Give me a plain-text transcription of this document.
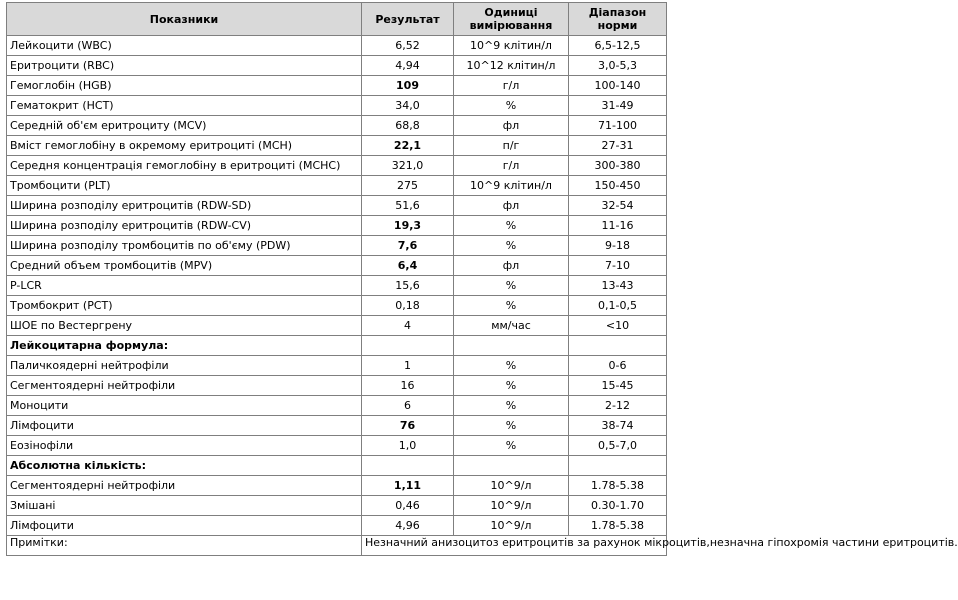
Показники	Результат	Одиниці вимірювання	Діапазон норми
Лейкоцити (WBC)	6,52	10^9 клітин/л	6,5-12,5
Еритроцити (RBC)	4,94	10^12 клітин/л	3,0-5,3
Гемоглобін (HGB)	109	г/л	100-140
Гематокрит (HCT)	34,0	%	31-49
Середній об'єм еритроциту (MCV)	68,8	фл	71-100
Вміст гемоглобіну в окремому еритроциті (MCH)	22,1	п/г	27-31
Середня концентрація гемоглобіну в еритроциті (MCHC)	321,0	г/л	300-380
Тромбоцити (PLT)	275	10^9 клітин/л	150-450
Ширина розподілу еритроцитів (RDW-SD)	51,6	фл	32-54
Ширина розподілу еритроцитів (RDW-CV)	19,3	%	11-16
Ширина розподілу тромбоцитів по об'єму (PDW)	7,6	%	9-18
Средний объем тромбоцитів (MPV)	6,4	фл	7-10
P-LCR	15,6	%	13-43
Тромбокрит (PCT)	0,18	%	0,1-0,5
ШОЕ по Вестергрену	4	мм/час	<10
Лейкоцитарна формула:			
Паличкоядерні нейтрофіли	1	%	0-6
Сегментоядерні нейтрофіли	16	%	15-45
Моноцити	6	%	2-12
Лімфоцити	76	%	38-74
Еозінофіли	1,0	%	0,5-7,0
Абсолютна кількість:			
Сегментоядерні нейтрофіли	1,11	10^9/л	1.78-5.38
Змішані	0,46	10^9/л	0.30-1.70
Лімфоцити	4,96	10^9/л	1.78-5.38
Примітки:	Незначний анизоцитоз еритроцитів за рахунок мікроцитів,незначна гіпохромія частини еритроцитів.		
